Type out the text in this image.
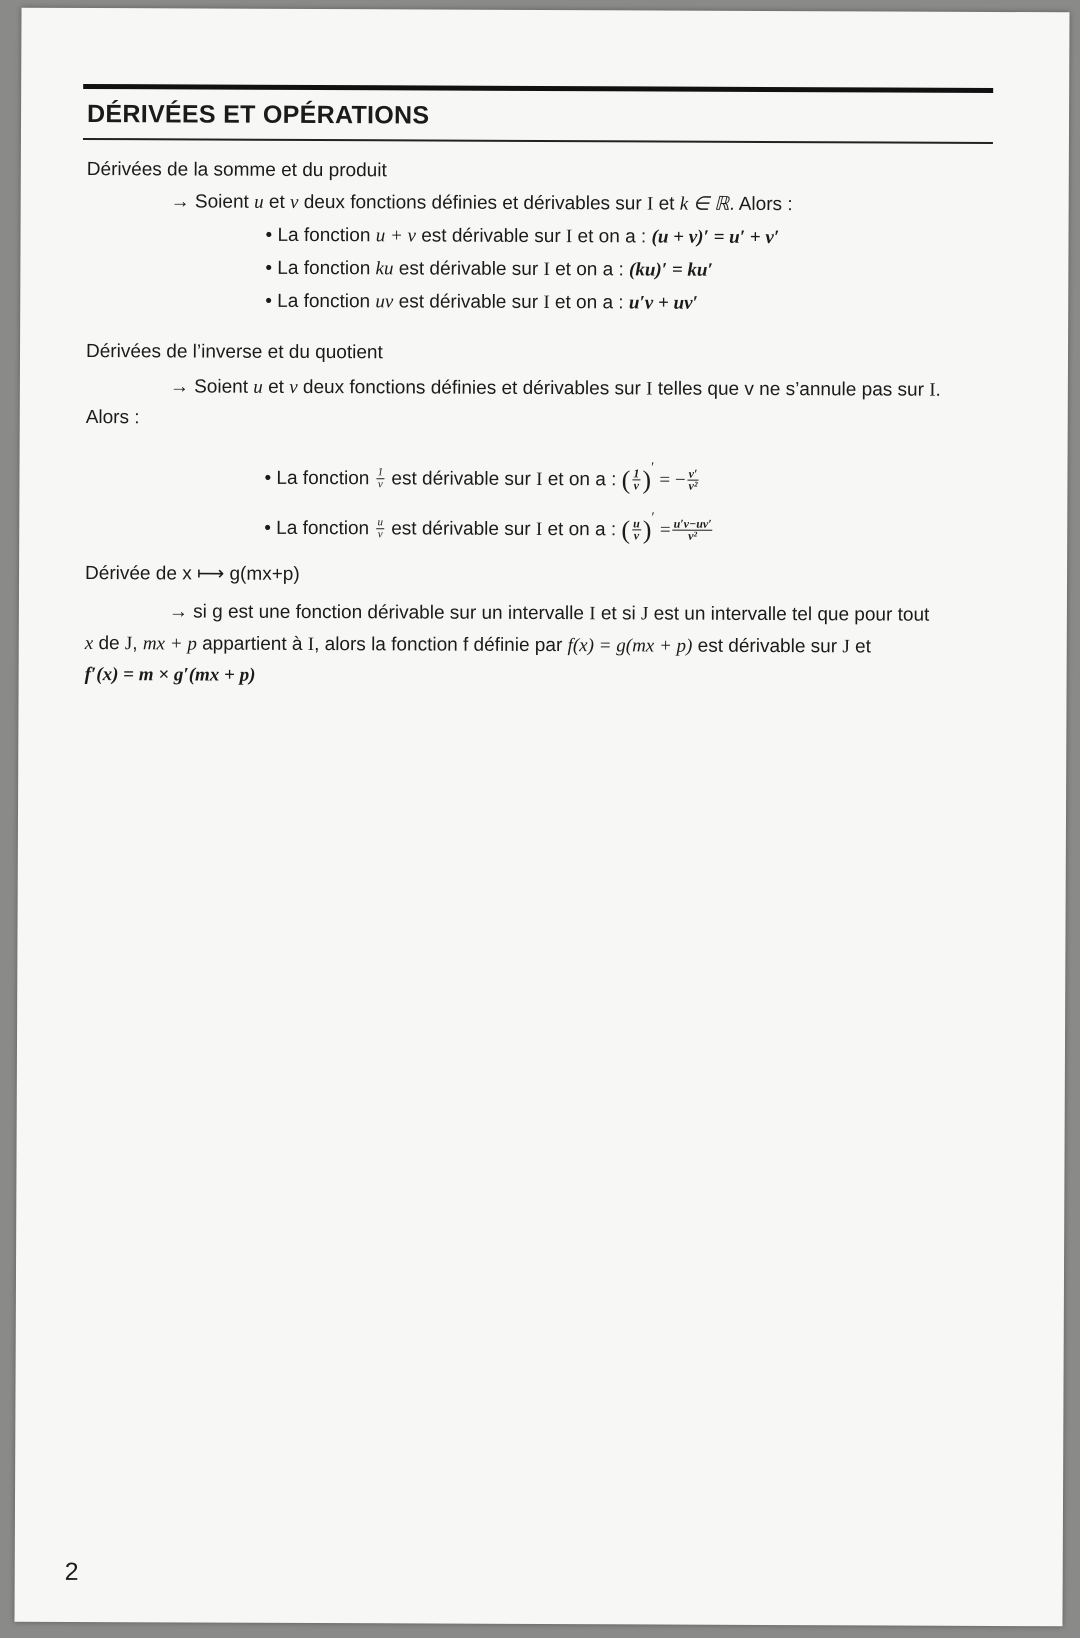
DÉRIVÉES ET OPÉRATIONS
Dérivées de la somme et du produit
→ Soient u et v deux fonctions définies et dérivables sur I et k ∈ ℝ. Alors :
• La fonction u + v est dérivable sur I et on a : (u + v)′ = u′ + v′
• La fonction ku est dérivable sur I et on a : (ku)′ = ku′
• La fonction uv est dérivable sur I et on a : u′v + uv′
Dérivées de l’inverse et du quotient
→ Soient u et v deux fonctions définies et dérivables sur I telles que v ne s’annule pas sur I.
Alors :
• La fonction $\frac{1}{v}$ est dérivable sur I et on a : ( $\frac{1}{v} )'$ = − $\frac{v'}{\text{v²}}$
• La fonction $\frac{u}{v}$ est dérivable sur I et on a : ( $\frac{u}{v} )' = \frac{u'v-uv'}{\text{v²}}$
Dérivée de x ⟼ g(mx+p)
→ si g est une fonction dérivable sur un intervalle I et si J est un intervalle tel que pour tout
x de J, mx + p appartient à I, alors la fonction f définie par f(x) = g(mx + p) est dérivable sur J et
f′(x) = m × g′(mx + p)
2
